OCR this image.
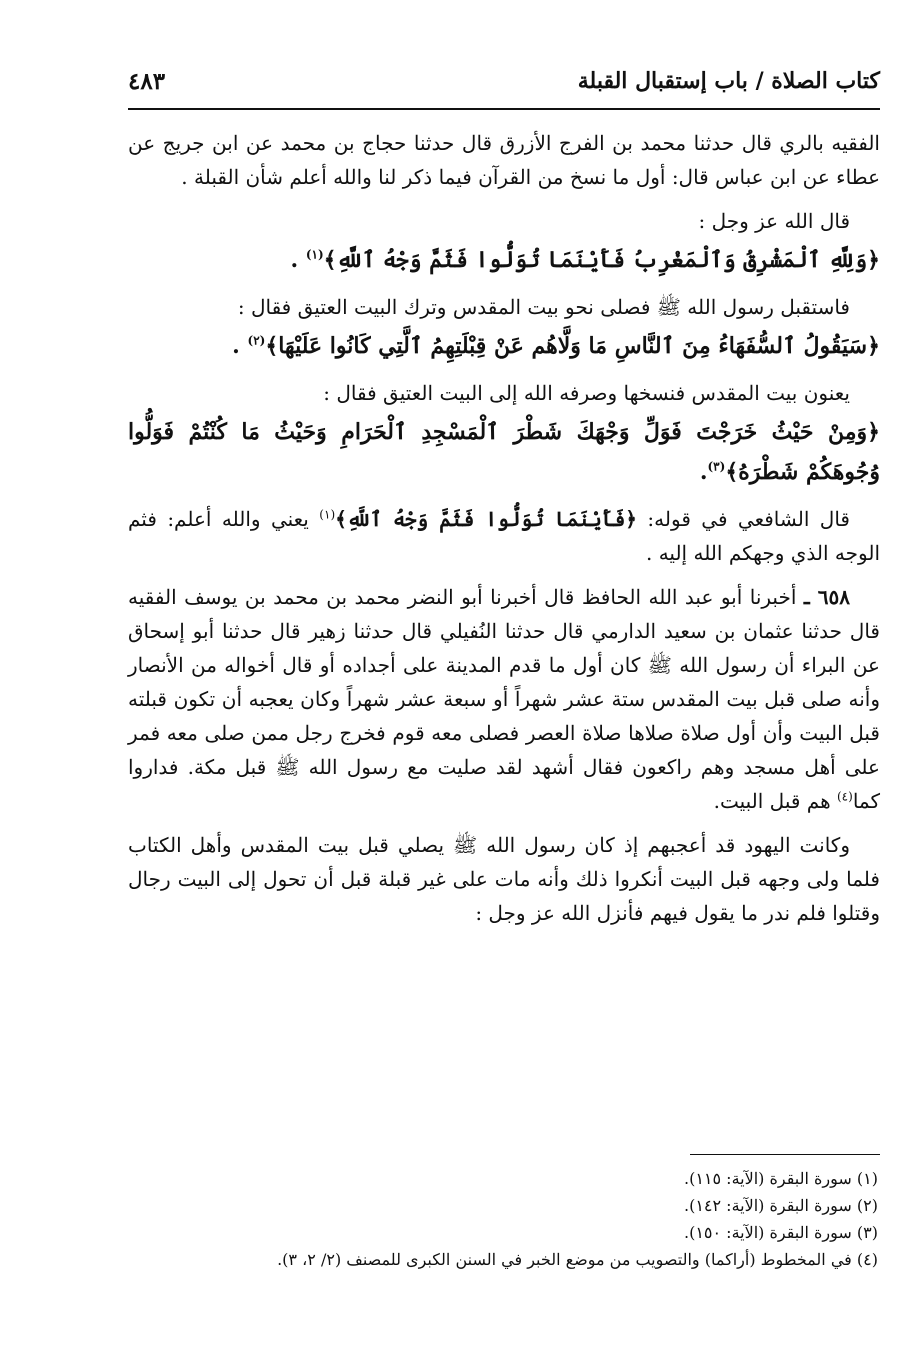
كتاب الصلاة / باب إستقبال القبلة
٤٨٣

الفقيه بالري قال حدثنا محمد بن الفرج الأزرق قال حدثنا حجاج بن محمد عن ابن جريج عن عطاء عن ابن عباس قال: أول ما نسخ من القرآن فيما ذكر لنا والله أعلم شأن القبلة .

قال الله عز وجل :

﴿وَلِلَّهِ ٱلْمَشْرِقُ وَٱلْمَغْرِبُ فَأَيْنَمَا تُوَلُّوا فَثَمَّ وَجْهُ ٱللَّهِ﴾$^{(١)}$ .

فاستقبل رسول الله ﷺ فصلى نحو بيت المقدس وترك البيت العتيق فقال :

﴿سَيَقُولُ ٱلسُّفَهَاءُ مِنَ ٱلنَّاسِ مَا وَلَّاهُم عَنْ قِبْلَتِهِمُ ٱلَّتِي كَانُوا عَلَيْهَا﴾$^{(٢)}$ .

يعنون بيت المقدس فنسخها وصرفه الله إلى البيت العتيق فقال :

﴿وَمِنْ حَيْثُ خَرَجْتَ فَوَلِّ وَجْهَكَ شَطْرَ ٱلْمَسْجِدِ ٱلْحَرَامِ وَحَيْثُ مَا كُنْتُمْ فَوَلُّوا وُجُوهَكُمْ شَطْرَهُ﴾$^{(٣)}$.

قال الشافعي في قوله: ﴿فَأَيْنَمَا تُوَلُّوا فَثَمَّ وَجْهُ ٱللَّهِ﴾$^{(١)}$ يعني والله أعلم: فثم الوجه الذي وجهكم الله إليه .

٦٥٨ ـ أخبرنا أبو عبد الله الحافظ قال أخبرنا أبو النضر محمد بن محمد بن يوسف الفقيه قال حدثنا عثمان بن سعيد الدارمي قال حدثنا النُفيلي قال حدثنا زهير قال حدثنا أبو إسحاق عن البراء أن رسول الله ﷺ كان أول ما قدم المدينة على أجداده أو قال أخواله من الأنصار وأنه صلى قبل بيت المقدس ستة عشر شهراً أو سبعة عشر شهراً وكان يعجبه أن تكون قبلته قبل البيت وأن أول صلاة صلاها صلاة العصر فصلى معه قوم فخرج رجل ممن صلى معه فمر على أهل مسجد وهم راكعون فقال أشهد لقد صليت مع رسول الله ﷺ قبل مكة. فداروا كما$^{(٤)}$ هم قبل البيت.

وكانت اليهود قد أعجبهم إذ كان رسول الله ﷺ يصلي قبل بيت المقدس وأهل الكتاب فلما ولى وجهه قبل البيت أنكروا ذلك وأنه مات على غير قبلة قبل أن تحول إلى البيت رجال وقتلوا فلم ندر ما يقول فيهم فأنزل الله عز وجل :

(١) سورة البقرة (الآية: ١١٥).

(٢) سورة البقرة (الآية: ١٤٢).

(٣) سورة البقرة (الآية: ١٥٠).

(٤) في المخطوط (أراكما) والتصويب من موضع الخبر في السنن الكبرى للمصنف (٢/ ٢، ٣).
